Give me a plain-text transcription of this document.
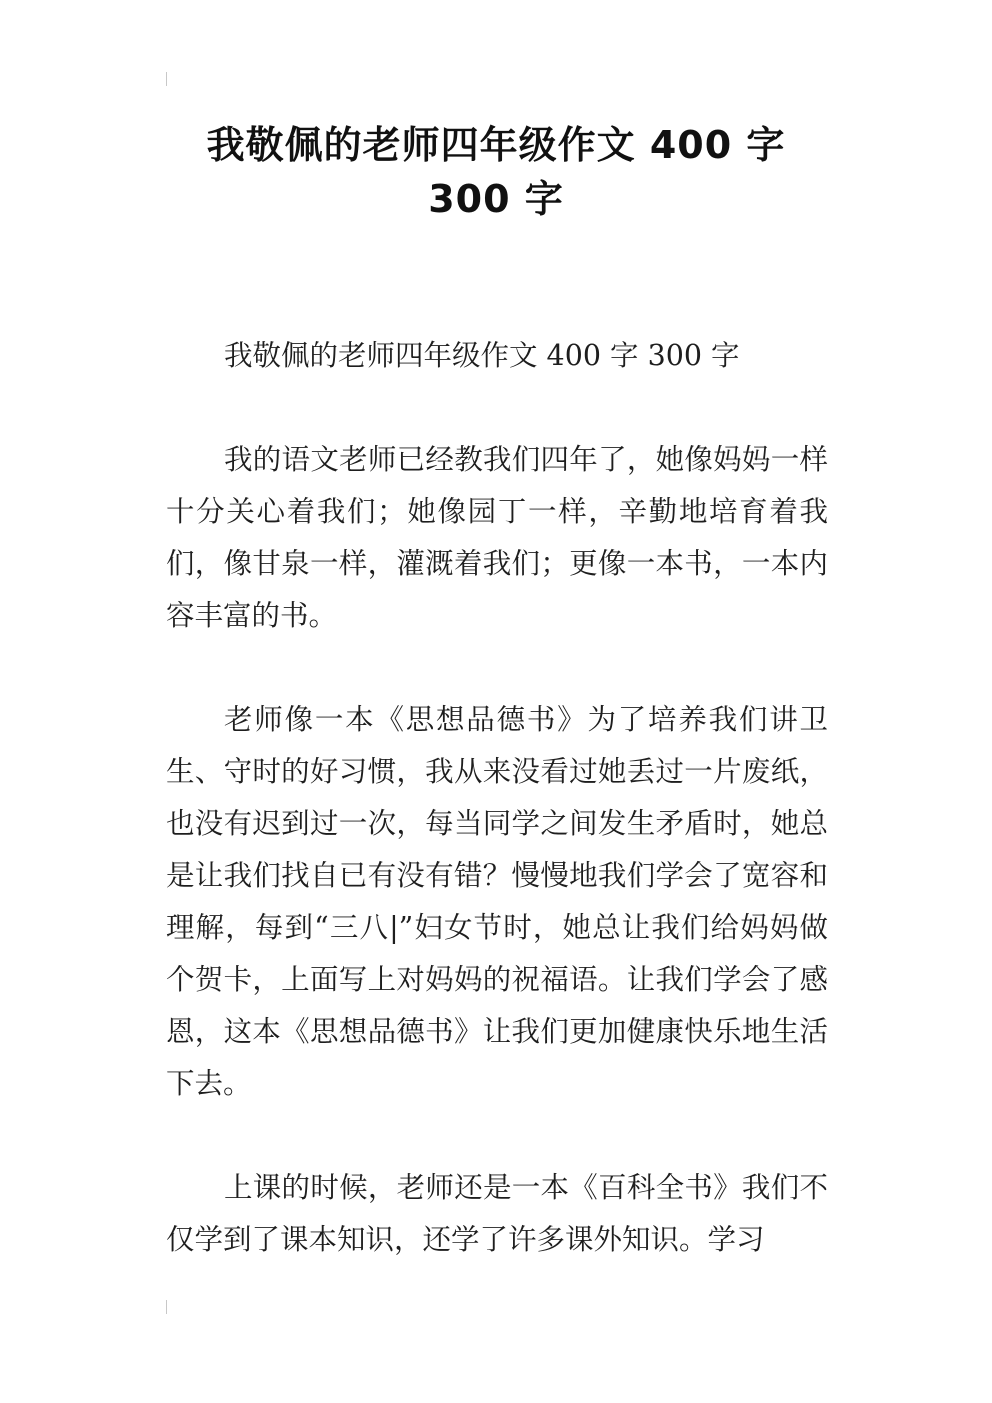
我敬佩的老师四年级作文 400 字 300 字

我敬佩的老师四年级作文 400 字 300 字

我的语文老师已经教我们四年了，她像妈妈一样十分关心着我们；她像园丁一样，辛勤地培育着我们，像甘泉一样，灌溉着我们；更像一本书，一本内容丰富的书。

老师像一本《思想品德书》为了培养我们讲卫生、守时的好习惯，我从来没看过她丢过一片废纸，也没有迟到过一次，每当同学之间发生矛盾时，她总是让我们找自已有没有错？慢慢地我们学会了宽容和理解，每到“三八|”妇女节时，她总让我们给妈妈做个贺卡，上面写上对妈妈的祝福语。让我们学会了感恩，这本《思想品德书》让我们更加健康快乐地生活下去。

上课的时候，老师还是一本《百科全书》我们不仅学到了课本知识，还学了许多课外知识。学习
